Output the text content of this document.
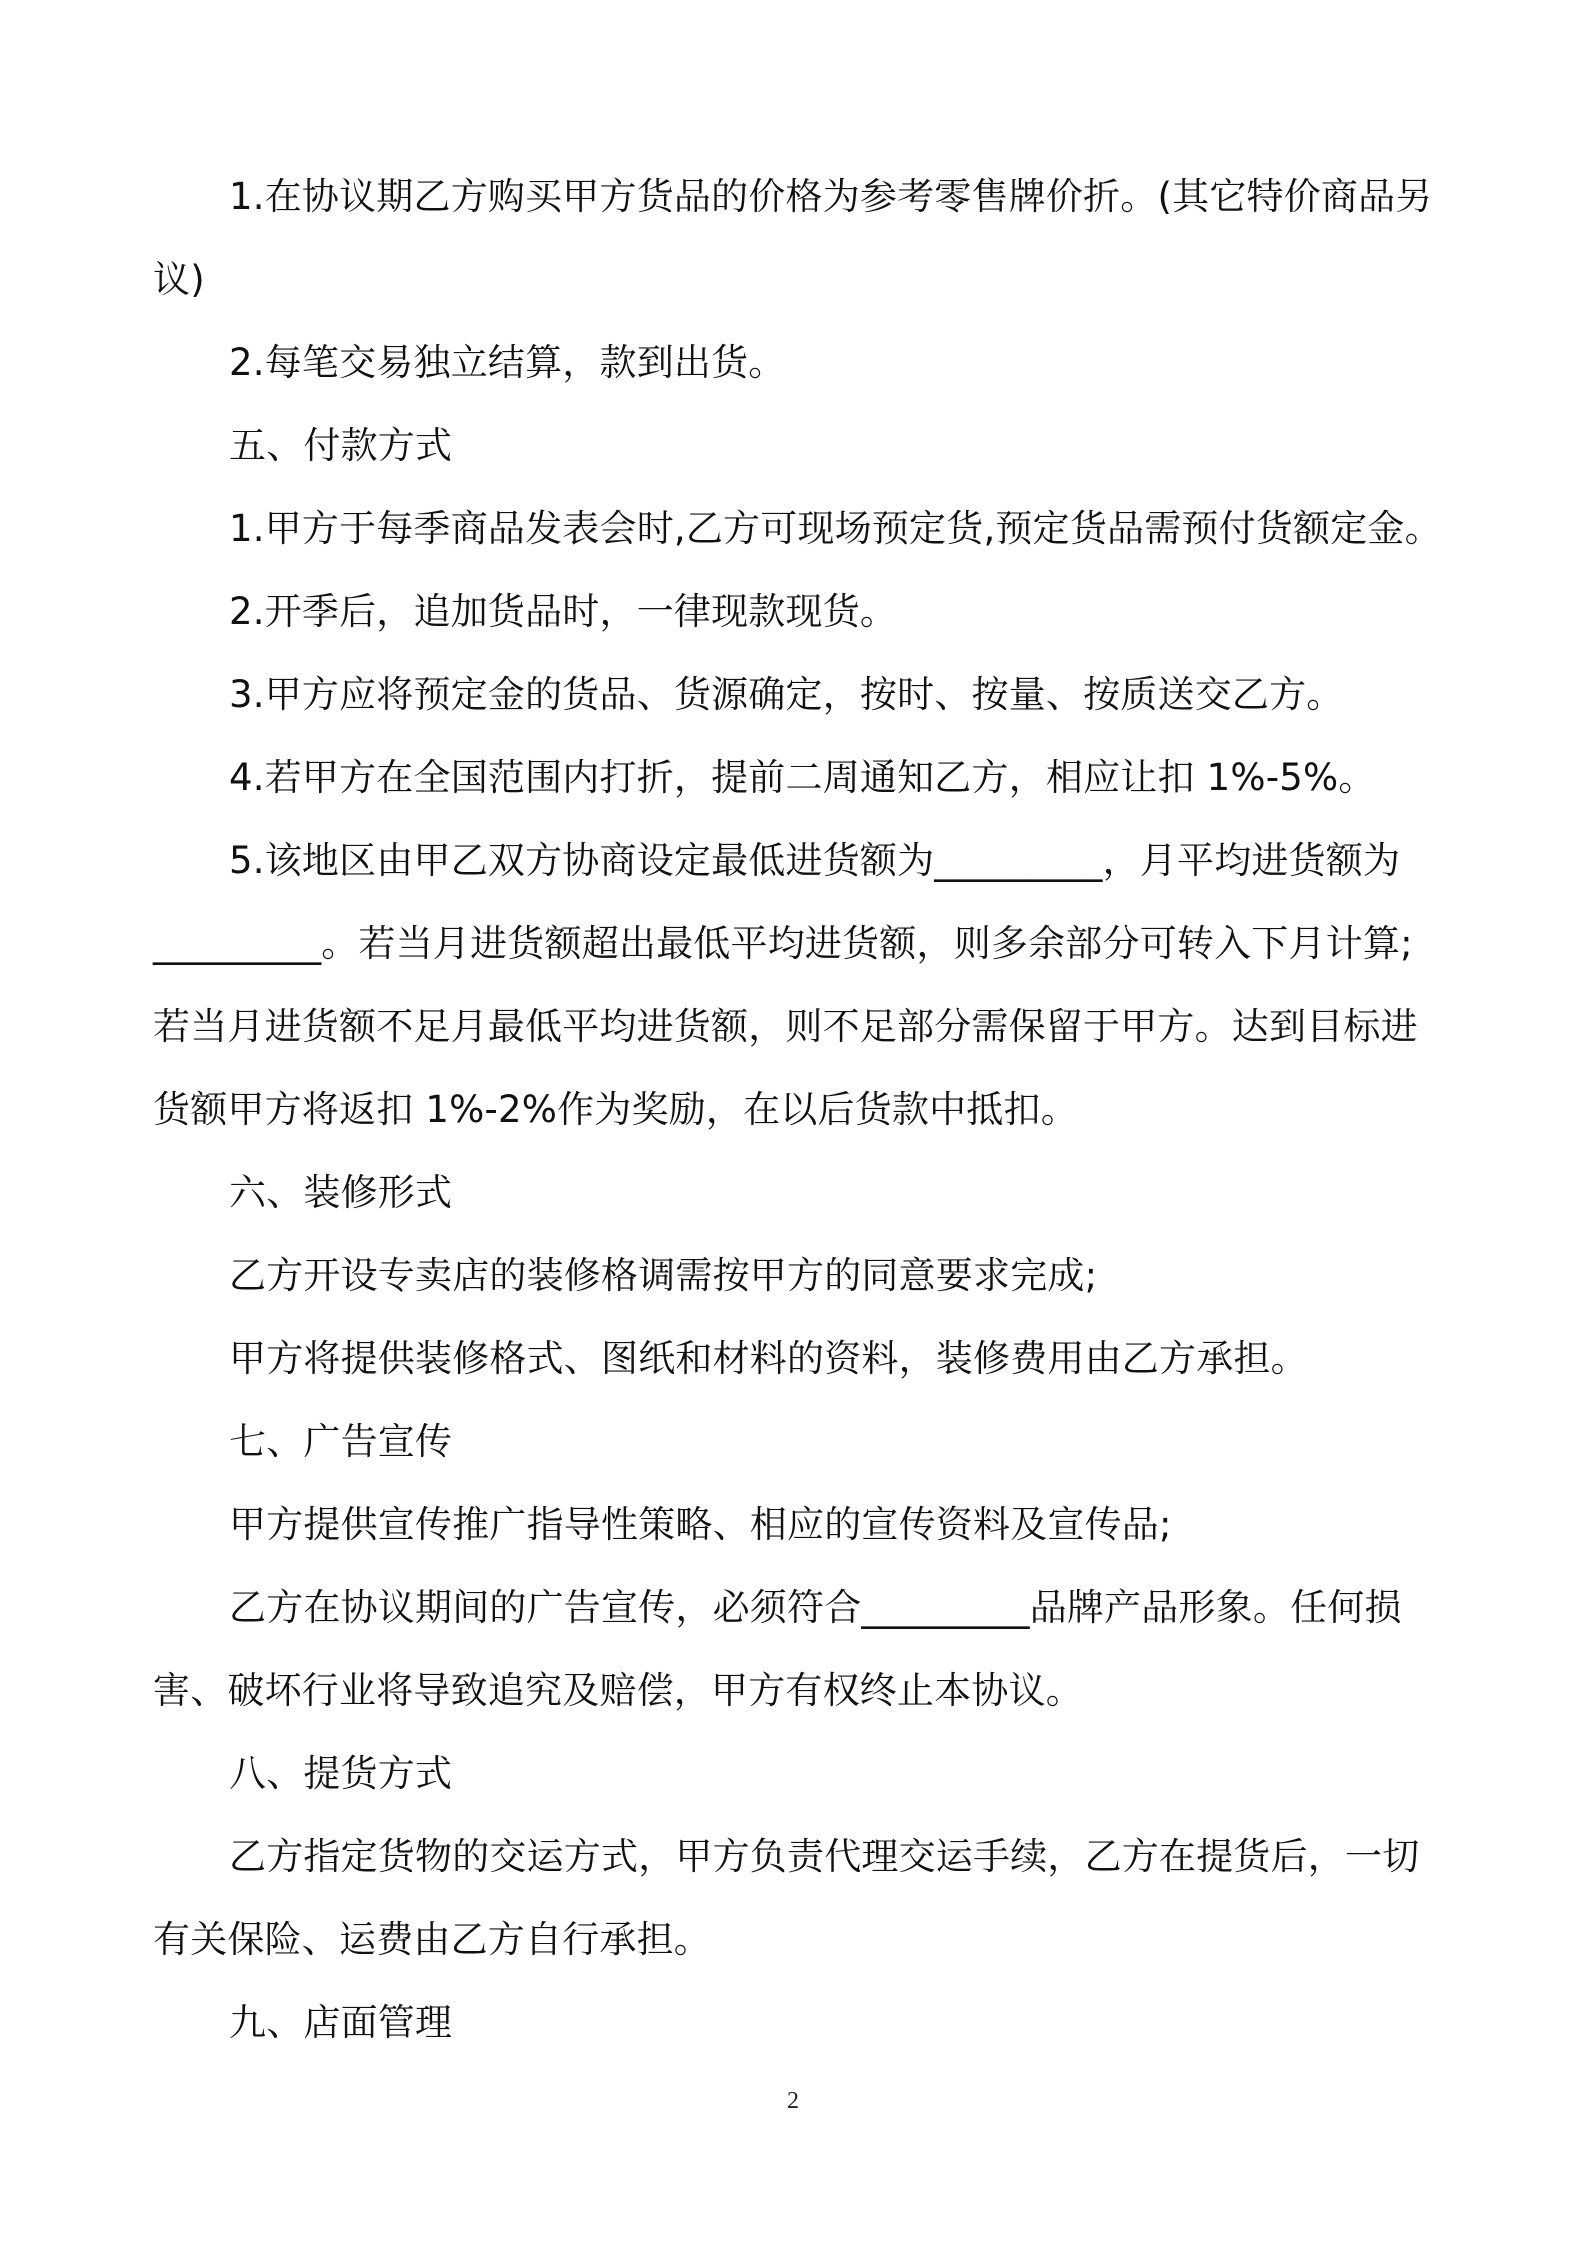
1.在协议期乙方购买甲方货品的价格为参考零售牌价折。(其它特价商品另
议)
2.每笔交易独立结算，款到出货。
五、付款方式
1.甲方于每季商品发表会时,乙方可现场预定货,预定货品需预付货额定金。
2.开季后，追加货品时，一律现款现货。
3.甲方应将预定金的货品、货源确定，按时、按量、按质送交乙方。
4.若甲方在全国范围内打折，提前二周通知乙方，相应让扣 1%-5%。
5.该地区由甲乙双方协商设定最低进货额为_________，月平均进货额为
_________。若当月进货额超出最低平均进货额，则多余部分可转入下月计算;
若当月进货额不足月最低平均进货额，则不足部分需保留于甲方。达到目标进
货额甲方将返扣 1%-2%作为奖励，在以后货款中抵扣。
六、装修形式
乙方开设专卖店的装修格调需按甲方的同意要求完成;
甲方将提供装修格式、图纸和材料的资料，装修费用由乙方承担。
七、广告宣传
甲方提供宣传推广指导性策略、相应的宣传资料及宣传品;
乙方在协议期间的广告宣传，必须符合_________品牌产品形象。任何损
害、破坏行业将导致追究及赔偿，甲方有权终止本协议。
八、提货方式
乙方指定货物的交运方式，甲方负责代理交运手续，乙方在提货后，一切
有关保险、运费由乙方自行承担。
九、店面管理
2
